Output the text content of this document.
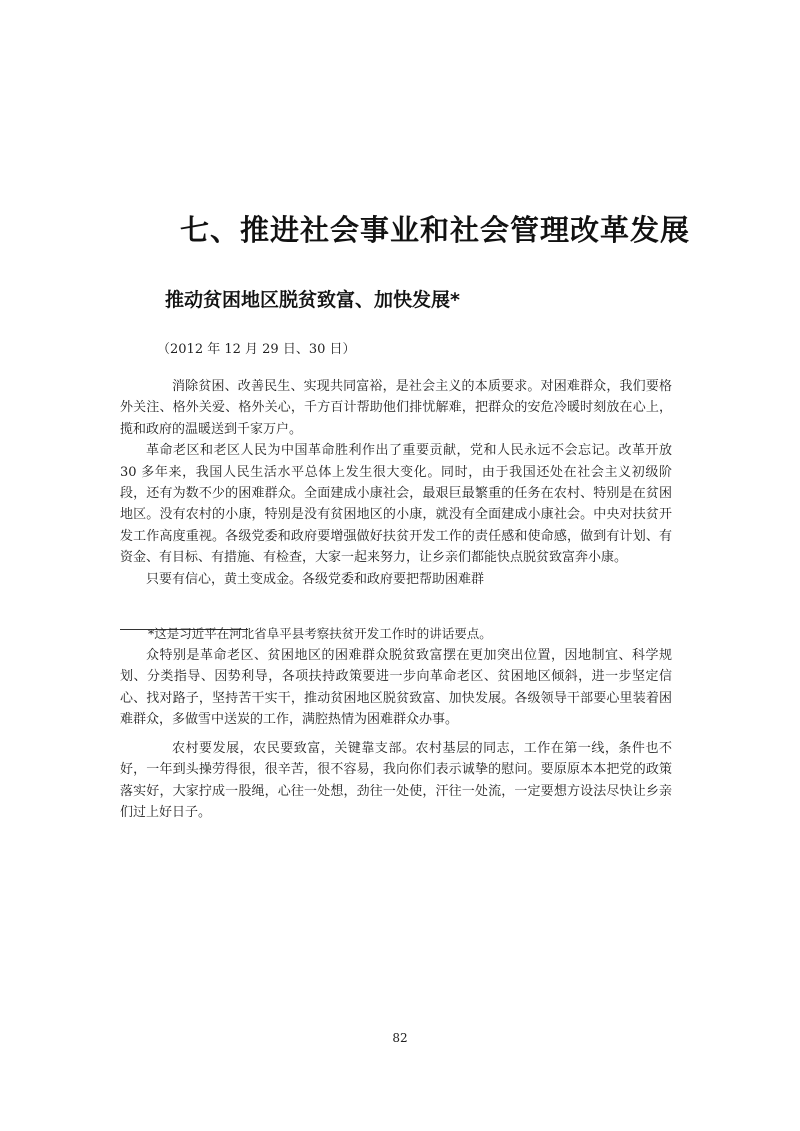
七、推进社会事业和社会管理改革发展
推动贫困地区脱贫致富、加快发展*
（2012 年 12 月 29 日、30 日）

消除贫困、改善民生、实现共同富裕，是社会主义的本质要求。对困难群众，我们要格外关注、格外关爱、格外关心，千方百计帮助他们排忧解难，把群众的安危冷暖时刻放在心上，揽和政府的温暖送到千家万户。

革命老区和老区人民为中国革命胜利作出了重要贡献，党和人民永远不会忘记。改革开放 30 多年来，我国人民生活水平总体上发生很大变化。同时，由于我国还处在社会主义初级阶段，还有为数不少的困难群众。全面建成小康社会，最艰巨最繁重的任务在农村、特别是在贫困地区。没有农村的小康，特别是没有贫困地区的小康，就没有全面建成小康社会。中央对扶贫开发工作高度重视。各级党委和政府要增强做好扶贫开发工作的责任感和使命感，做到有计划、有资金、有目标、有措施、有检查，大家一起来努力，让乡亲们都能快点脱贫致富奔小康。

只要有信心，黄土变成金。各级党委和政府要把帮助困难群

*这是习近平在河北省阜平县考察扶贫开发工作时的讲话要点。

众特别是革命老区、贫困地区的困难群众脱贫致富摆在更加突出位置，因地制宜、科学规划、分类指导、因势利导，各项扶持政策要进一步向革命老区、贫困地区倾斜，进一步坚定信心、找对路子，坚持苦干实干，推动贫困地区脱贫致富、加快发展。各级领导干部要心里装着困难群众，多做雪中送炭的工作，满腔热情为困难群众办事。

农村要发展，农民要致富，关键靠支部。农村基层的同志，工作在第一线，条件也不好，一年到头操劳得很，很辛苦，很不容易，我向你们表示诚挚的慰问。要原原本本把党的政策落实好，大家拧成一股绳，心往一处想，劲往一处使，汗往一处流，一定要想方设法尽快让乡亲们过上好日子。

82
